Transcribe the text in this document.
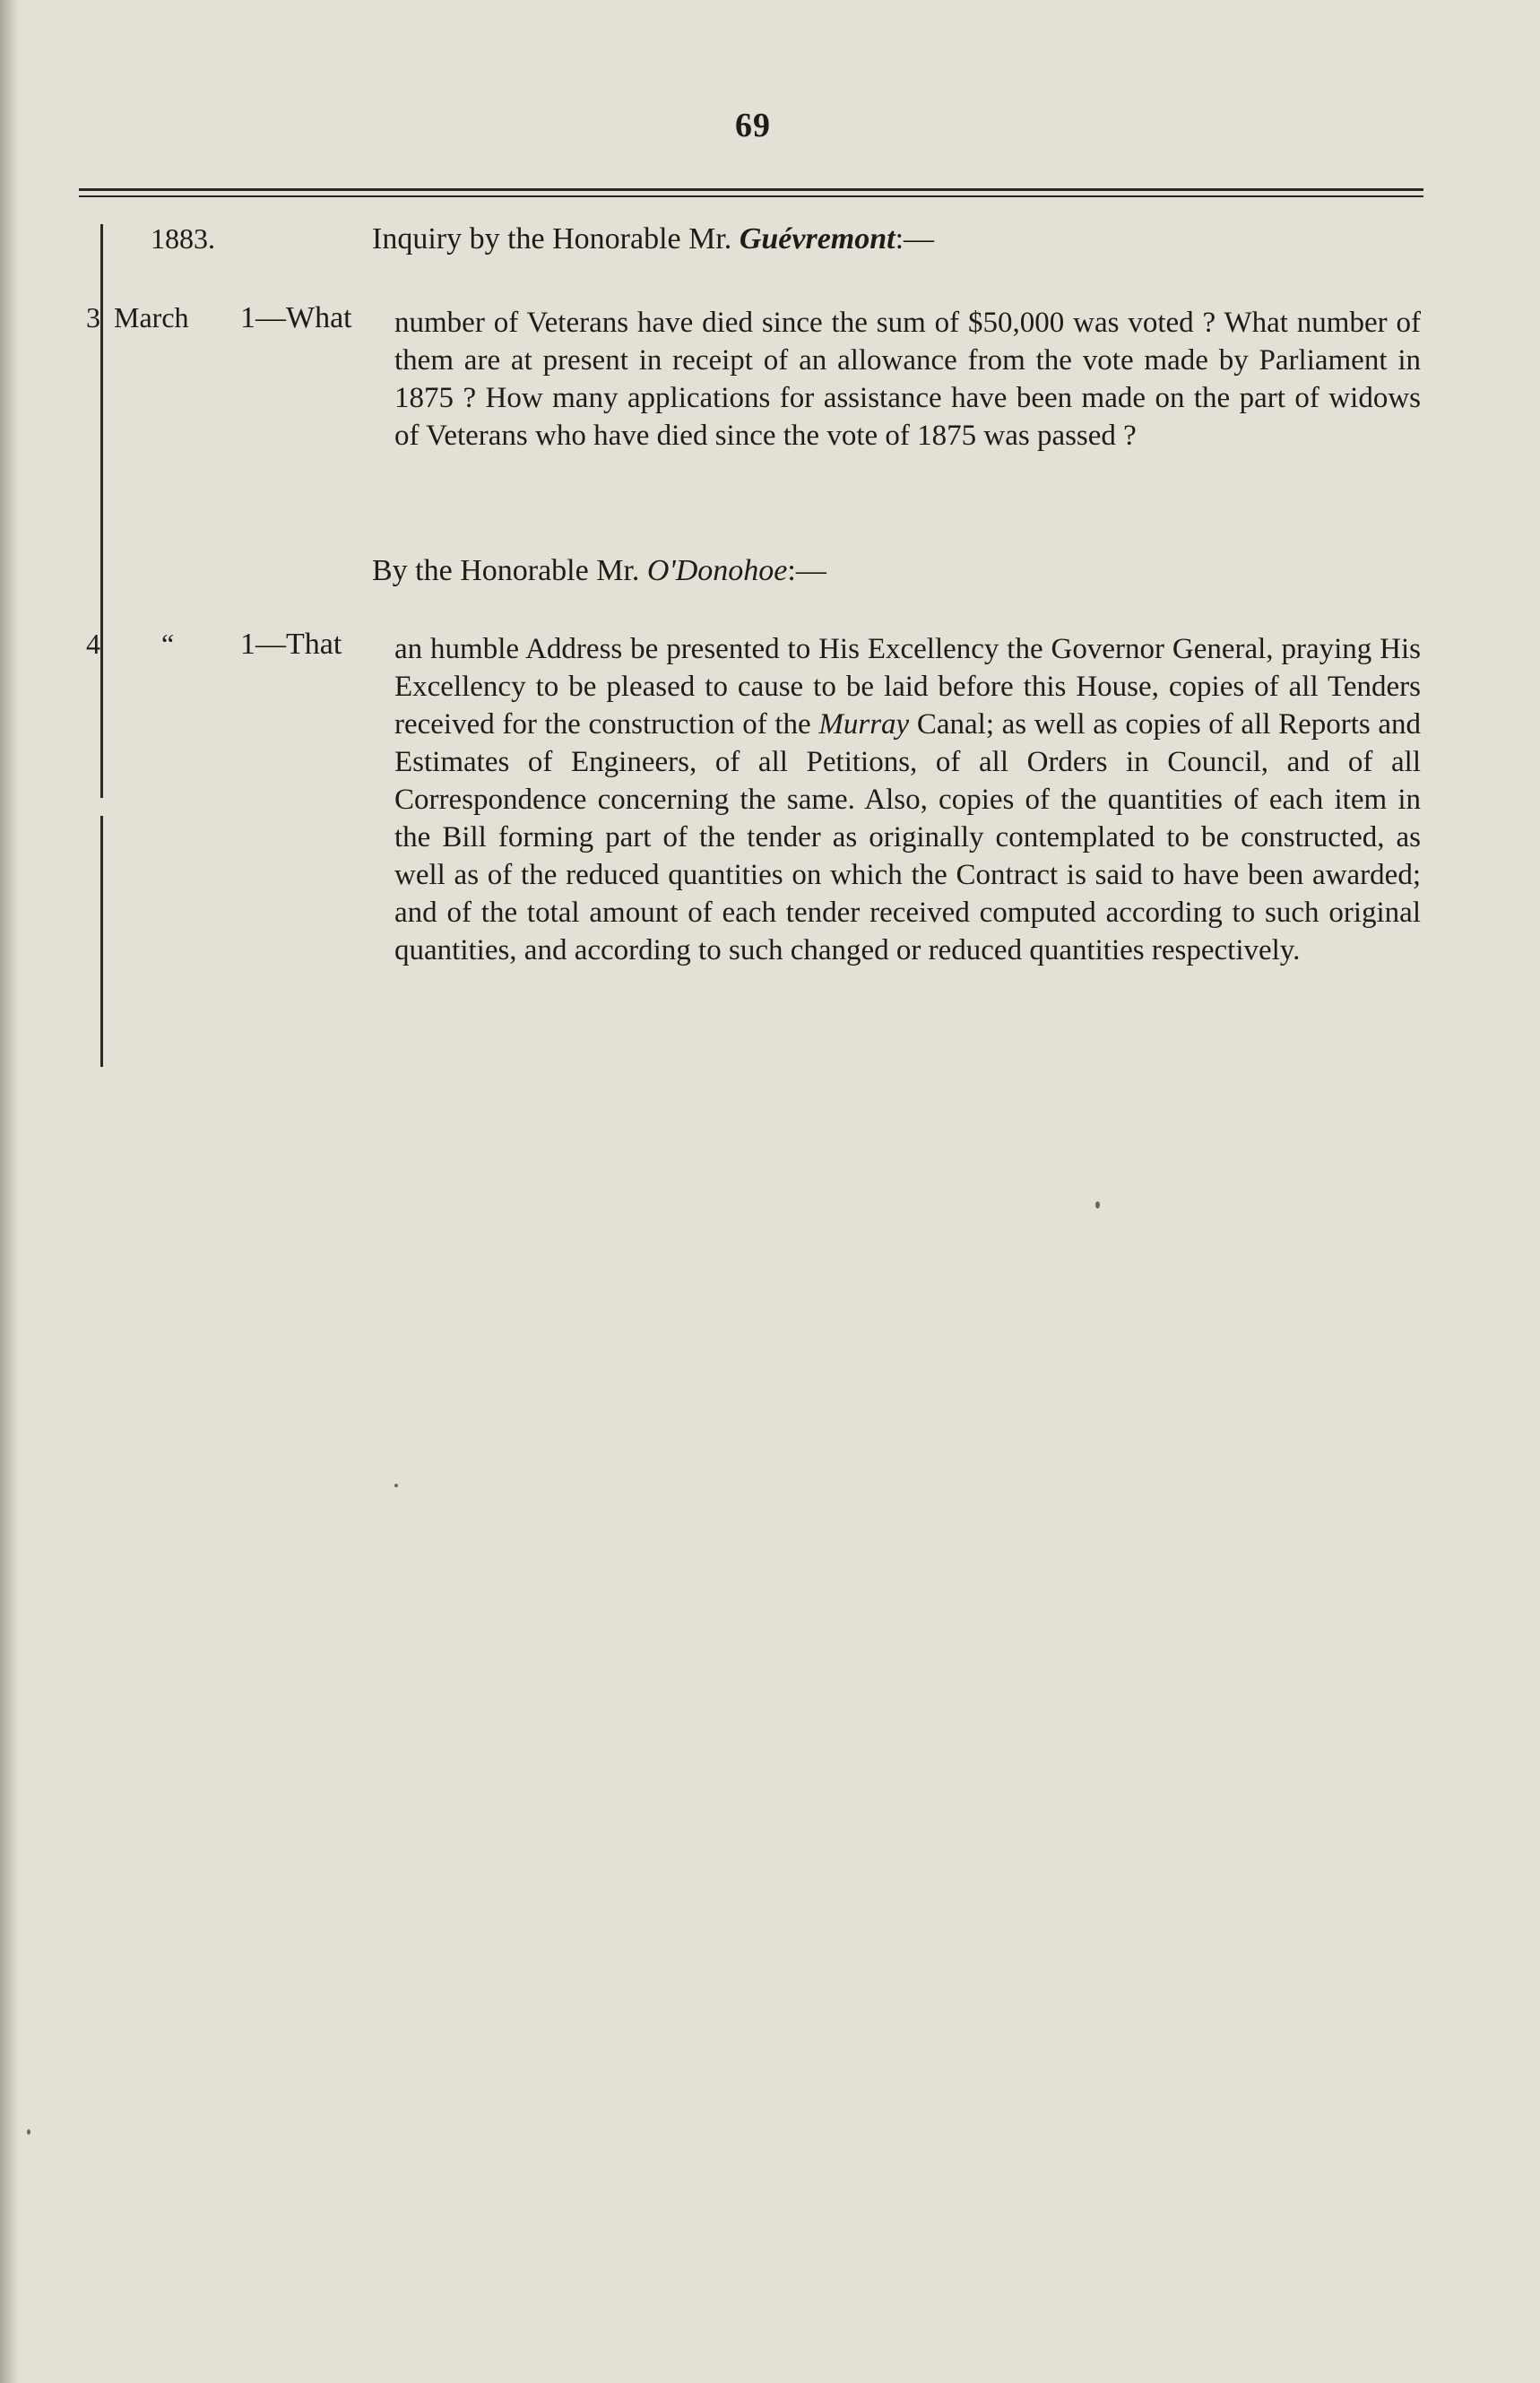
69
1883.	Inquiry by the Honorable Mr. Guévremont:—
3 March 1—What number of Veterans have died since the sum of $50,000 was voted ? What number of them are at present in receipt of an allowance from the vote made by Parliament in 1875 ? How many applications for assistance have been made on the part of widows of Veterans who have died since the vote of 1875 was passed ?
By the Honorable Mr. O'Donohoe:—
4 “ 1—That an humble Address be presented to His Excellency the Governor General, praying His Excellency to be pleased to cause to be laid before this House, copies of all Tenders received for the construction of the Murray Canal; as well as copies of all Reports and Estimates of Engineers, of all Petitions, of all Orders in Council, and of all Correspondence concerning the same. Also, copies of the quantities of each item in the Bill forming part of the tender as originally contemplated to be constructed, as well as of the reduced quantities on which the Contract is said to have been awarded; and of the total amount of each tender received computed according to such original quantities, and according to such changed or reduced quantities respectively.
